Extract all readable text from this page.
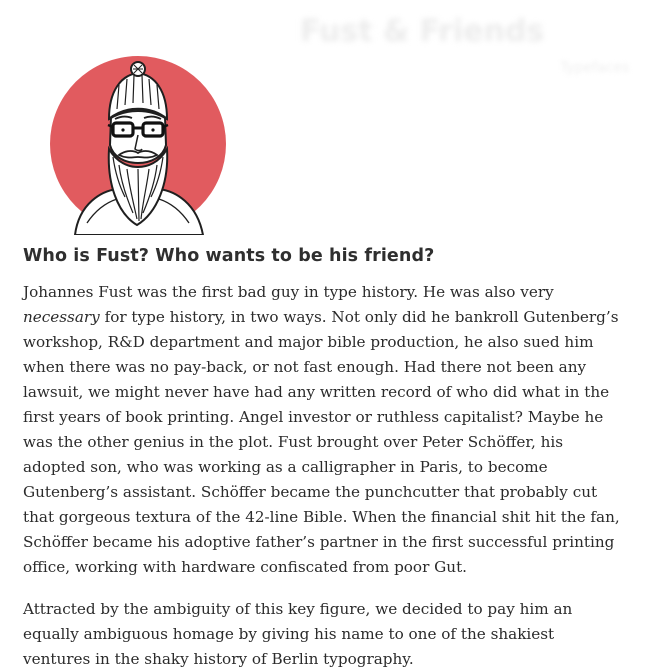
Fust & Friends
Typefaces
Who is Fust? Who wants to be his friend?

Johannes Fust was the first bad guy in type history. He was also very necessary for type history, in two ways. Not only did he bankroll Gutenberg’s workshop, R&D department and major bible production, he also sued him when there was no pay-back, or not fast enough. Had there not been any lawsuit, we might never have had any written record of who did what in the first years of book printing. Angel investor or ruthless capitalist? Maybe he was the other genius in the plot. Fust brought over Peter Schöffer, his adopted son, who was working as a calligrapher in Paris, to become Gutenberg’s assistant. Schöffer became the punchcutter that probably cut that gorgeous textura of the 42-line Bible. When the financial shit hit the fan, Schöffer became his adoptive father’s partner in the first successful printing office, working with hardware confiscated from poor Gut.

Attracted by the ambiguity of this key figure, we decided to pay him an equally ambiguous homage by giving his name to one of the shakiest ventures in the shaky history of Berlin typography.
